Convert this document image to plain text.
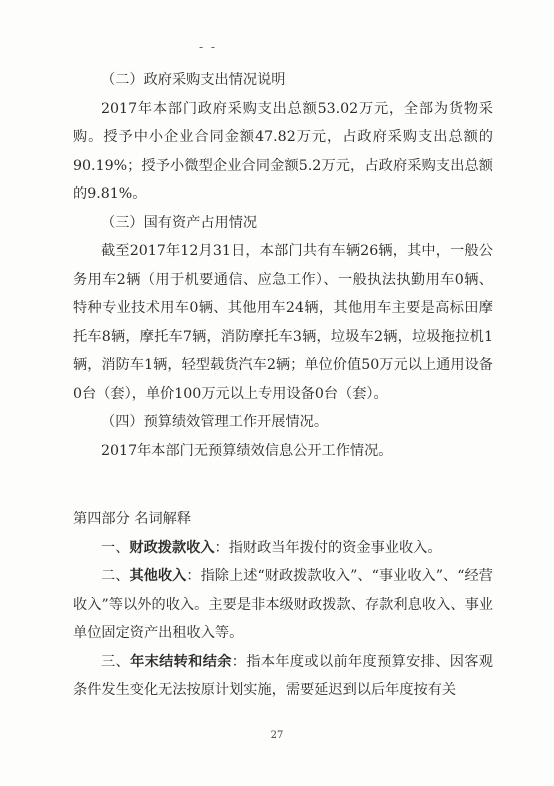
- -

（二）政府采购支出情况说明

2017年本部门政府采购支出总额53.02万元，全部为货物采购。授予中小企业合同金额47.82万元，占政府采购支出总额的90.19%；授予小微型企业合同金额5.2万元，占政府采购支出总额的9.81%。

（三）国有资产占用情况

截至2017年12月31日，本部门共有车辆26辆，其中，一般公务用车2辆（用于机要通信、应急工作）、一般执法执勤用车0辆、特种专业技术用车0辆、其他用车24辆，其他用车主要是高标田摩托车8辆，摩托车7辆，消防摩托车3辆，垃圾车2辆，垃圾拖拉机1辆，消防车1辆，轻型载货汽车2辆；单位价值50万元以上通用设备0台（套），单价100万元以上专用设备0台（套）。

（四）预算绩效管理工作开展情况。

2017年本部门无预算绩效信息公开工作情况。

第四部分 名词解释

一、财政拨款收入：指财政当年拨付的资金事业收入。

二、其他收入：指除上述“财政拨款收入”、“事业收入”、“经营收入”等以外的收入。主要是非本级财政拨款、存款利息收入、事业单位固定资产出租收入等。

三、年末结转和结余：指本年度或以前年度预算安排、因客观条件发生变化无法按原计划实施，需要延迟到以后年度按有关

27
